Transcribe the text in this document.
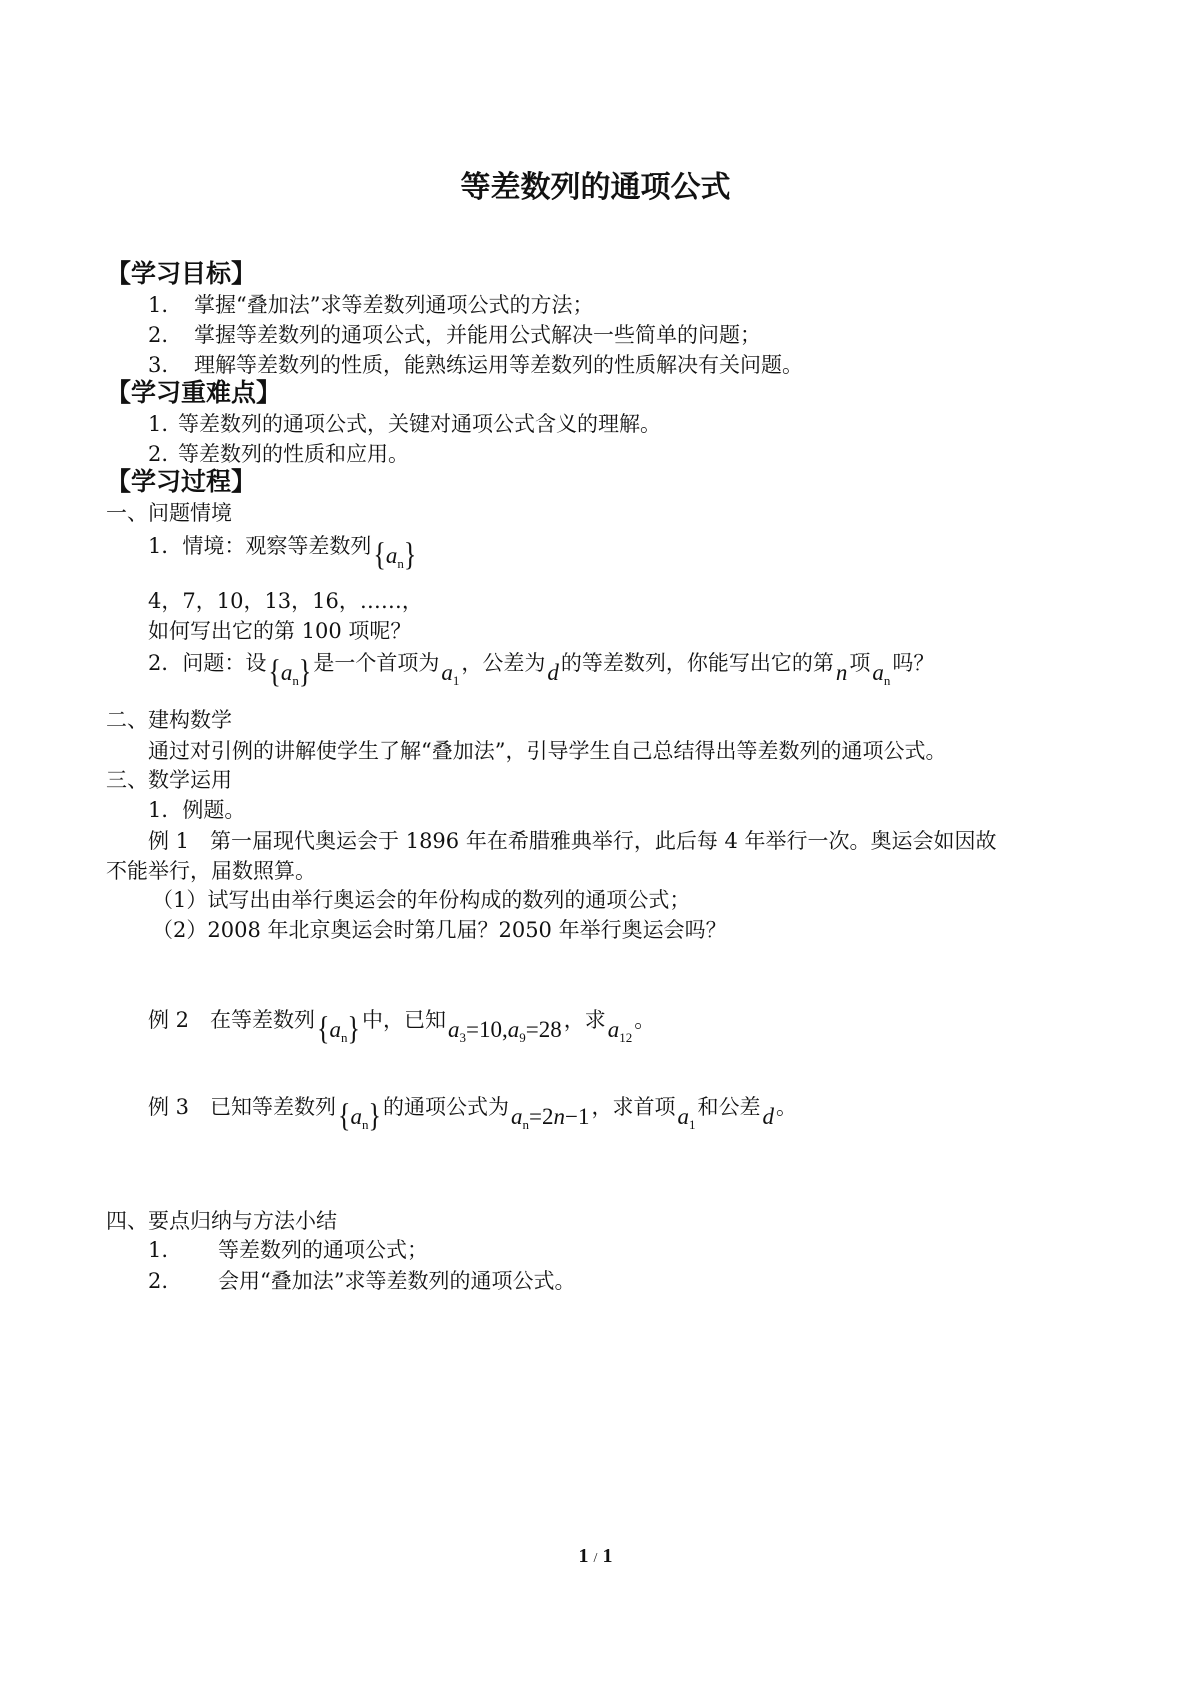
等差数列的通项公式
【学习目标】
1. 掌握“叠加法”求等差数列通项公式的方法；
2. 掌握等差数列的通项公式，并能用公式解决一些简单的问题；
3. 理解等差数列的性质，能熟练运用等差数列的性质解决有关问题。
【学习重难点】
1. 等差数列的通项公式，关键对通项公式含义的理解。
2. 等差数列的性质和应用。
【学习过程】
一、问题情境
1．情境：观察等差数列$\{a_n\}$
4，7，10，13，16，……，
如何写出它的第 100 项呢？
2．问题：设$\{a_n\}$是一个首项为$a_1$，公差为d的等差数列，你能写出它的第n项$a_n$吗？
二、建构数学
通过对引例的讲解使学生了解“叠加法”，引导学生自己总结得出等差数列的通项公式。
三、数学运用
1．例题。
例 1　第一届现代奥运会于 1896 年在希腊雅典举行，此后每 4 年举行一次。奥运会如因故
不能举行，届数照算。
（1）试写出由举行奥运会的年份构成的数列的通项公式；
（2）2008 年北京奥运会时第几届？2050 年举行奥运会吗？
例 2　在等差数列$\{a_n\}$中，已知$a_3=10,a_9=28$，求$a_{12}$。
例 3　已知等差数列$\{a_n\}$的通项公式为$a_n=2n-1$，求首项$a_1$和公差d。
四、要点归纳与方法小结
1. 等差数列的通项公式；
2. 会用“叠加法”求等差数列的通项公式。
1 / 1
